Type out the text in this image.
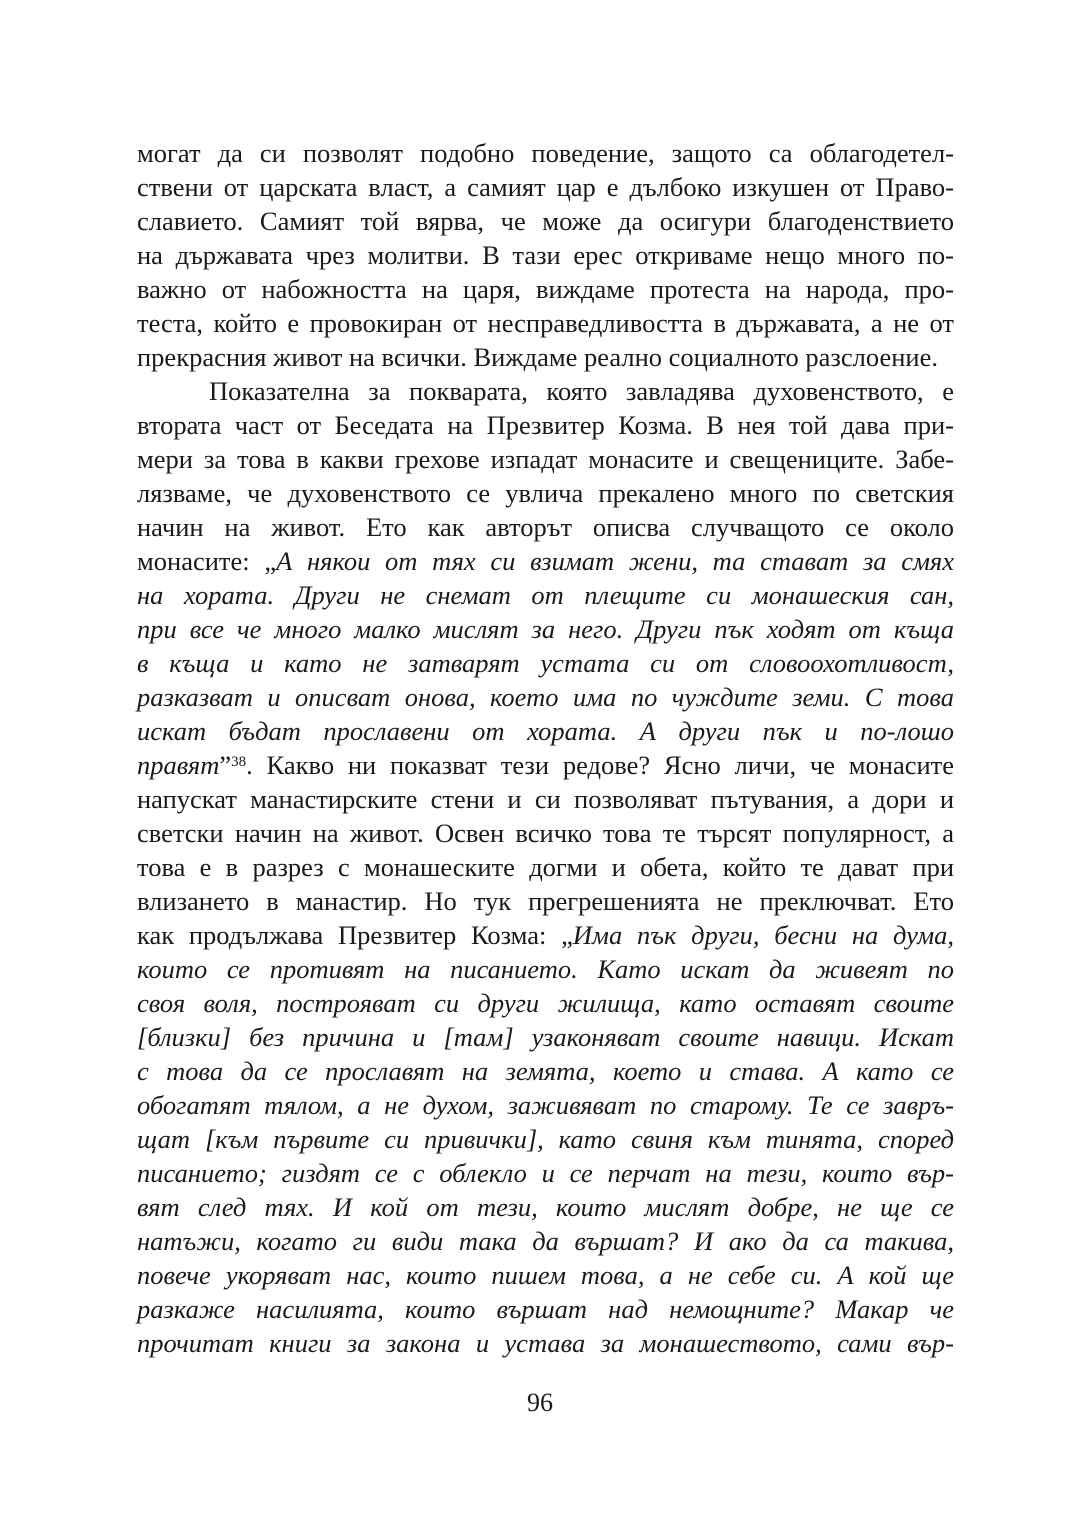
могат да си позволят подобно поведение, защото са облагодетел-
ствени от царската власт, а самият цар е дълбоко изкушен от Право-
славието. Самият той вярва, че може да осигури благоденствието
на държавата чрез молитви. В тази ерес откриваме нещо много по-
важно от набожността на царя, виждаме протеста на народа, про-
теста, който е провокиран от несправедливостта в държавата, а не от
прекрасния живот на всички. Виждаме реално социалното разслоение.
Показателна за покварата, която завладява духовенството, е
втората част от Беседата на Презвитер Козма. В нея той дава при-
мери за това в какви грехове изпадат монасите и свещениците. Забе-
лязваме, че духовенството се увлича прекалено много по светския
начин на живот. Ето как авторът описва случващото се около
монасите: „А някои от тях си взимат жени, та стават за смях
на хората. Други не снемат от плещите си монашеския сан,
при все че много малко мислят за него. Други пък ходят от къща
в къща и като не затварят устата си от словоохотливост,
разказват и описват онова, което има по чуждите земи. С това
искат бъдат прославени от хората. А други пък и по-лошо
правят”$^{38}$. Какво ни показват тези редове? Ясно личи, че монасите
напускат манастирските стени и си позволяват пътувания, а дори и
светски начин на живот. Освен всичко това те търсят популярност, а
това е в разрез с монашеските догми и обета, който те дават при
влизането в манастир. Но тук прегрешенията не преключват. Ето
как продължава Презвитер Козма: „Има пък други, бесни на дума,
които се противят на писанието. Като искат да живеят по
своя воля, построяват си други жилища, като оставят своите
[близки] без причина и [там] узаконяват своите навици. Искат
с това да се прославят на земята, което и става. А като се
обогатят тялом, а не духом, заживяват по старому. Те се завръ-
щат [към първите си привички], като свиня към тинята, според
писанието; гиздят се с облекло и се перчат на тези, които вър-
вят след тях. И кой от тези, които мислят добре, не ще се
натъжи, когато ги види така да вършат? И ако да са такива,
повече укоряват нас, които пишем това, а не себе си. А кой ще
разкаже насилията, които вършат над немощните? Макар че
прочитат книги за закона и устава за монашеството, сами вър-
96
